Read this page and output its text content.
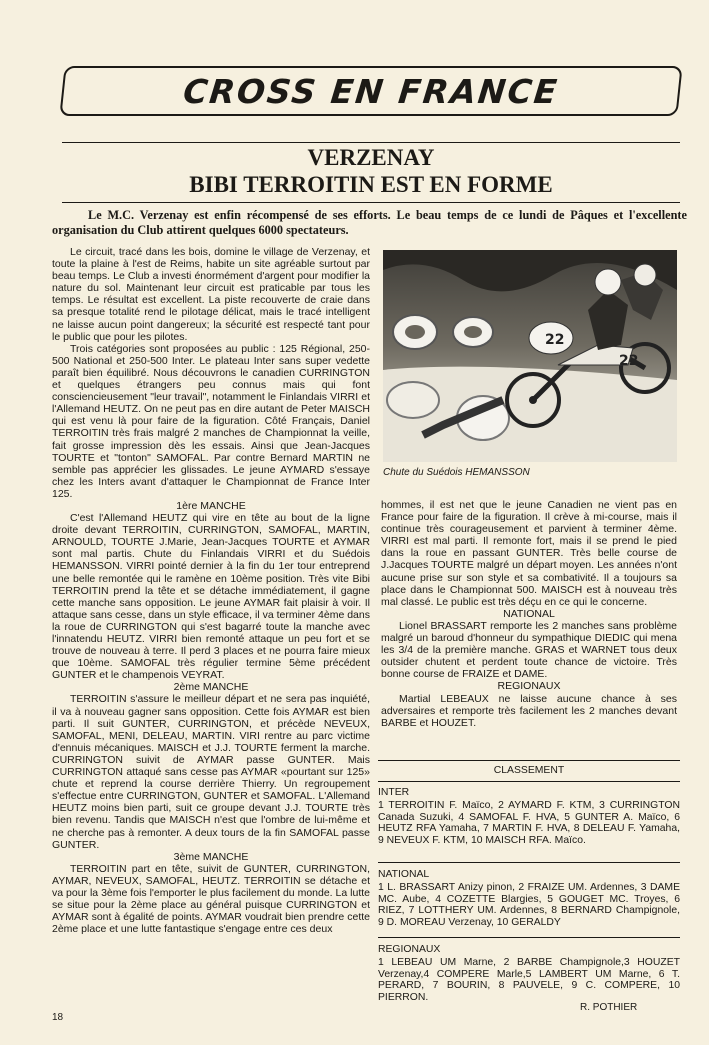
CROSS EN FRANCE
VERZENAY
BIBI TERROITIN EST EN FORME

Le M.C. Verzenay est enfin récompensé de ses efforts. Le beau temps de ce lundi de Pâques et l'excellente organisation du Club attirent quelques 6000 spectateurs.

Le circuit, tracé dans les bois, domine le village de Verzenay, et toute la plaine à l'est de Reims, habite un site agréable surtout par beau temps. Le Club a investi énormément d'argent pour modifier la nature du sol. Maintenant leur circuit est praticable par tous les temps. Le résultat est excellent. La piste recouverte de craie dans sa presque totalité rend le pilotage délicat, mais le tracé intelligent ne laisse aucun point dangereux; la sécurité est respecté tant pour le public que pour les pilotes.

Trois catégories sont proposées au public : 125 Régional, 250-500 National et 250-500 Inter. Le plateau Inter sans super vedette paraît bien équilibré. Nous découvrons le canadien CURRINGTON et quelques étrangers peu connus mais qui font consciencieusement "leur travail", notamment le Finlandais VIRRI et l'Allemand HEUTZ. On ne peut pas en dire autant de Peter MAISCH qui est venu là pour faire de la figuration. Côté Français, Daniel TERROITIN très frais malgré 2 manches de Championnat la veille, fait grosse impression dès les essais. Ainsi que Jean-Jacques TOURTE et "tonton" SAMOFAL. Par contre Bernard MARTIN ne semble pas apprécier les glissades. Le jeune AYMARD s'essaye chez les Inters avant d'attaquer le Championnat de France Inter 125.

1ère MANCHE

C'est l'Allemand HEUTZ qui vire en tête au bout de la ligne droite devant TERROITIN, CURRINGTON, SAMOFAL, MARTIN, ARNOULD, TOURTE J.Marie, Jean-Jacques TOURTE et AYMAR sont mal partis. Chute du Finlandais VIRRI et du Suédois HEMANSSON. VIRRI pointé dernier à la fin du 1er tour entreprend une belle remontée qui le ramène en 10ème position. Très vite Bibi TERROITIN prend la tête et se détache immédiatement, il gagne cette manche sans opposition. Le jeune AYMAR fait plaisir à voir. Il attaque sans cesse, dans un style efficace, il va terminer 4ème dans la roue de CURRINGTON qui s'est bagarré toute la manche avec l'innatendu HEUTZ. VIRRI bien remonté attaque un peu fort et se trouve de nouveau à terre. Il perd 3 places et ne pourra faire mieux que 10ème. SAMOFAL très régulier termine 5ème précédent GUNTER et le champenois VEYRAT.

2ème MANCHE

TERROITIN s'assure le meilleur départ et ne sera pas inquiété, il va à nouveau gagner sans opposition. Cette fois AYMAR est bien parti. Il suit GUNTER, CURRINGTON, et précède NEVEUX, SAMOFAL, MENI, DELEAU, MARTIN. VIRI rentre au parc victime d'ennuis mécaniques. MAISCH et J.J. TOURTE ferment la marche. CURRINGTON suivit de AYMAR passe GUNTER. Mais CURRINGTON attaqué sans cesse pas AYMAR «pourtant sur 125» chute et reprend la course derrière Thierry. Un regroupement s'effectue entre CURRINGTON, GUNTER et SAMOFAL. L'Allemand HEUTZ moins bien parti, suit ce groupe devant J.J. TOURTE très bien revenu. Tandis que MAISCH n'est que l'ombre de lui-même et ne cherche pas à remonter. A deux tours de la fin SAMOFAL passe GUNTER.

3ème MANCHE

TERROITIN part en tête, suivit de GUNTER, CURRINGTON, AYMAR, NEVEUX, SAMOFAL, HEUTZ. TERROITIN se détache et va pour la 3ème fois l'emporter le plus facilement du monde. La lutte se situe pour la 2ème place au général puisque CURRINGTON et AYMAR sont à égalité de points. AYMAR voudrait bien prendre cette 2ème place et une lutte fantastique s'engage entre ces deux

22
22

Chute du Suédois HEMANSSON

hommes, il est net que le jeune Canadien ne vient pas en France pour faire de la figuration. Il crève à mi-course, mais il continue très courageusement et parvient à terminer 4ème. VIRRI est mal parti. Il remonte fort, mais il se prend le pied dans la roue en passant GUNTER. Très belle course de J.Jacques TOURTE malgré un départ moyen. Les années n'ont aucune prise sur son style et sa combativité. Il a toujours sa place dans le Championnat 500. MAISCH est à nouveau très mal classé. Le public est très déçu en ce qui le concerne.

NATIONAL

Lionel BRASSART remporte les 2 manches sans problème malgré un baroud d'honneur du sympathique DIEDIC qui mena les 3/4 de la première manche. GRAS et WARNET tous deux outsider chutent et perdent toute chance de victoire. Très bonne course de FRAIZE et DAME.

REGIONAUX

Martial LEBEAUX ne laisse aucune chance à ses adversaires et remporte très facilement les 2 manches devant BARBE et HOUZET.

CLASSEMENT

INTER

1 TERROITIN F. Maïco, 2 AYMARD F. KTM, 3 CURRINGTON Canada Suzuki, 4 SAMOFAL F. HVA, 5 GUNTER A. Maïco, 6 HEUTZ RFA Yamaha, 7 MARTIN F. HVA, 8 DELEAU F. Yamaha, 9 NEVEUX F. KTM, 10 MAISCH RFA. Maïco.

NATIONAL

1 L. BRASSART Anizy pinon, 2 FRAIZE UM. Ardennes, 3 DAME MC. Aube, 4 COZETTE Blargies, 5 GOUGET MC. Troyes, 6 RIEZ, 7 LOTTHERY UM. Ardennes, 8 BERNARD Champignole, 9 D. MOREAU Verzenay, 10 GERALDY

REGIONAUX

1 LEBEAU UM Marne, 2 BARBE Champignole,3 HOUZET Verzenay,4 COMPERE Marle,5 LAMBERT UM Marne, 6 T. PERARD, 7 BOURIN, 8 PAUVELE, 9 C. COMPERE, 10 PIERRON.

R. POTHIER

18
